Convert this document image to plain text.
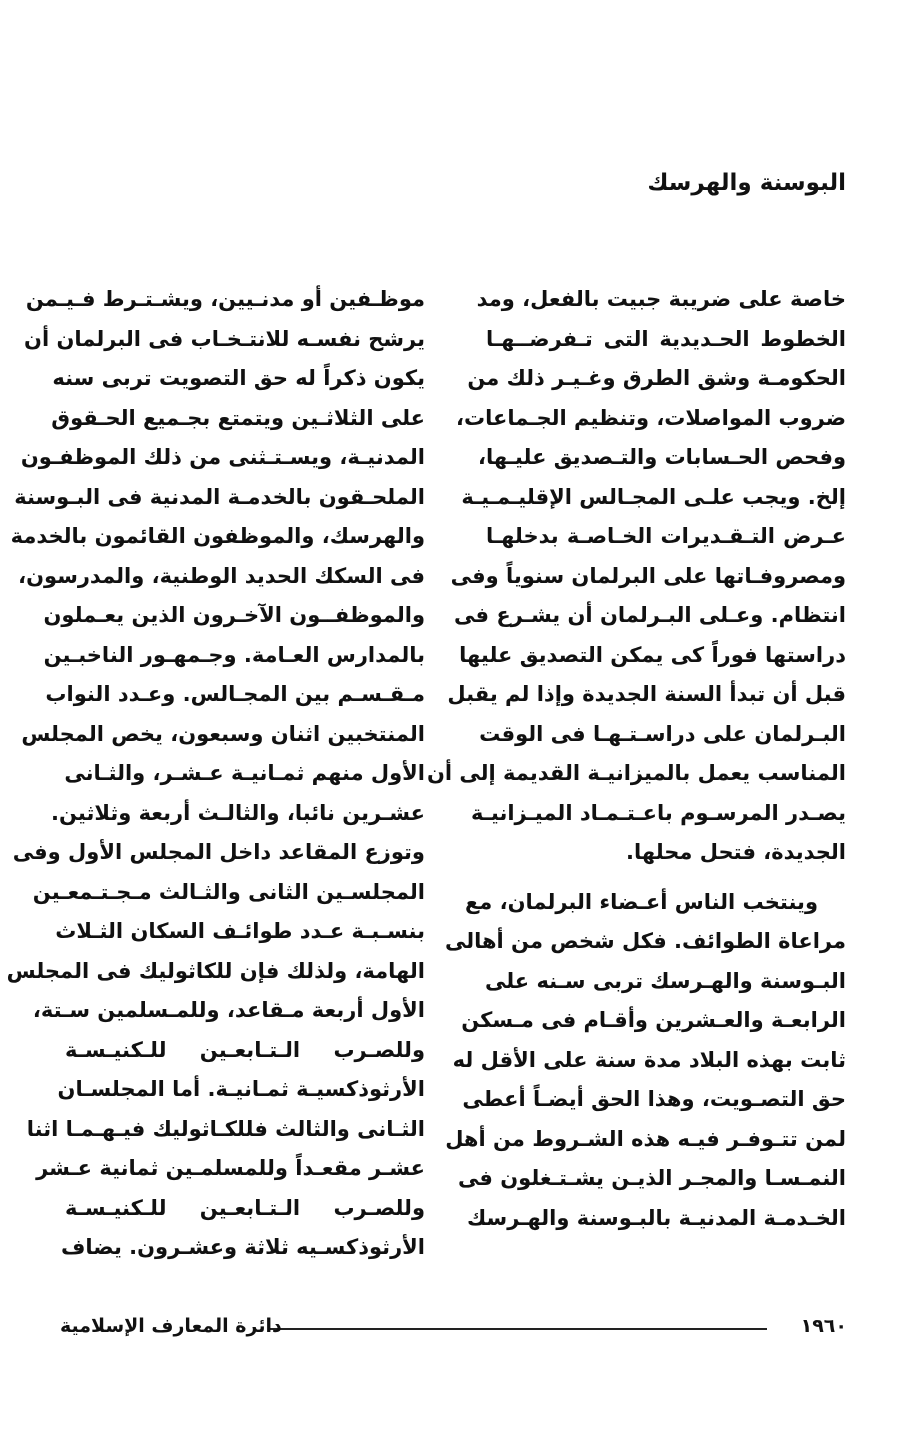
البوسنة والهرسك
خاصة على ضريبة جبيت بالفعل، ومد
الخطوط الحـديدية التى تـفرضــهـا
الحكومـة وشق الطرق وغـيـر ذلك من
ضروب المواصلات، وتنظيم الجـماعات،
وفحص الحـسابات والتـصديق عليـها،
إلخ. ويجب علـى المجـالس الإقليـمـيـة
عـرض التـقـديرات الخـاصـة بدخلهـا
ومصروفـاتها على البرلمان سنوياً وفى
انتظام. وعـلى البـرلمان أن يشـرع فى
دراستها فوراً كى يمكن التصديق عليها
قبل أن تبدأ السنة الجديدة وإذا لم يقبل
البـرلمان على دراسـتـهـا فى الوقت
المناسب يعمل بالميزانيـة القديمة إلى أن
يصـدر المرسـوم باعـتـمـاد الميـزانيـة
الجديدة، فتحل محلها.
وينتخب الناس أعـضاء البرلمان، مع
مراعاة الطوائف. فكل شخص من أهالى
البـوسنة والهـرسك تربى سـنه على
الرابعـة والعـشرين وأقـام فى مـسكن
ثابت بهذه البلاد مدة سنة على الأقل له
حق التصـويت، وهذا الحق أيضـاً أعطى
لمن تتـوفـر فيـه هذه الشـروط من أهل
النمـسـا والمجـر الذيـن يشـتـغلون فى
الخـدمـة المدنيـة بالبـوسنة والهـرسك
موظـفين أو مدنـيين، ويشـتـرط فـيـمن
يرشح نفسـه للانتـخـاب فى البرلمان أن
يكون ذكراً له حق التصويت تربى سنه
على الثلاثـين ويتمتع بجـميع الحـقوق
المدنيـة، ويسـتـثنى من ذلك الموظفـون
الملحـقون بالخدمـة المدنية فى البـوسنة
والهرسك، والموظفون القائمون بالخدمة
فى السكك الحديد الوطنية، والمدرسون،
والموظفــون الآخـرون الذين يعـملون
بالمدارس العـامة. وجـمهـور الناخبـين
مـقـسـم بين المجـالس. وعـدد النواب
المنتخبين اثنان وسبعون، يخص المجلس
الأول منهم ثمـانيـة عـشـر، والثـانى
عشـرين نائبا، والثالـث أربعة وثلاثين.
وتوزع المقاعد داخل المجلس الأول وفى
المجلسـين الثانى والثـالث مـجـتـمعـين
بنسـبـة عـدد طوائـف السكان الثـلاث
الهامة، ولذلك فإن للكاثوليك فى المجلس
الأول أربعة مـقاعد، وللمـسلمين سـتة،
وللصـرب الـتـابعـين للـكنيـسـة
الأرثوذكسيـة ثمـانيـة. أما المجلسـان
الثـانى والثالث فللكـاثوليك فيـهـمـا اثنا
عشـر مقعـداً وللمسلمـين ثمانية عـشر
وللصـرب الـتـابعـين للـكنيـسـة
الأرثوذكسـيه ثلاثة وعشـرون. يضاف
١٩٦٠
دائرة المعارف الإسلامية
